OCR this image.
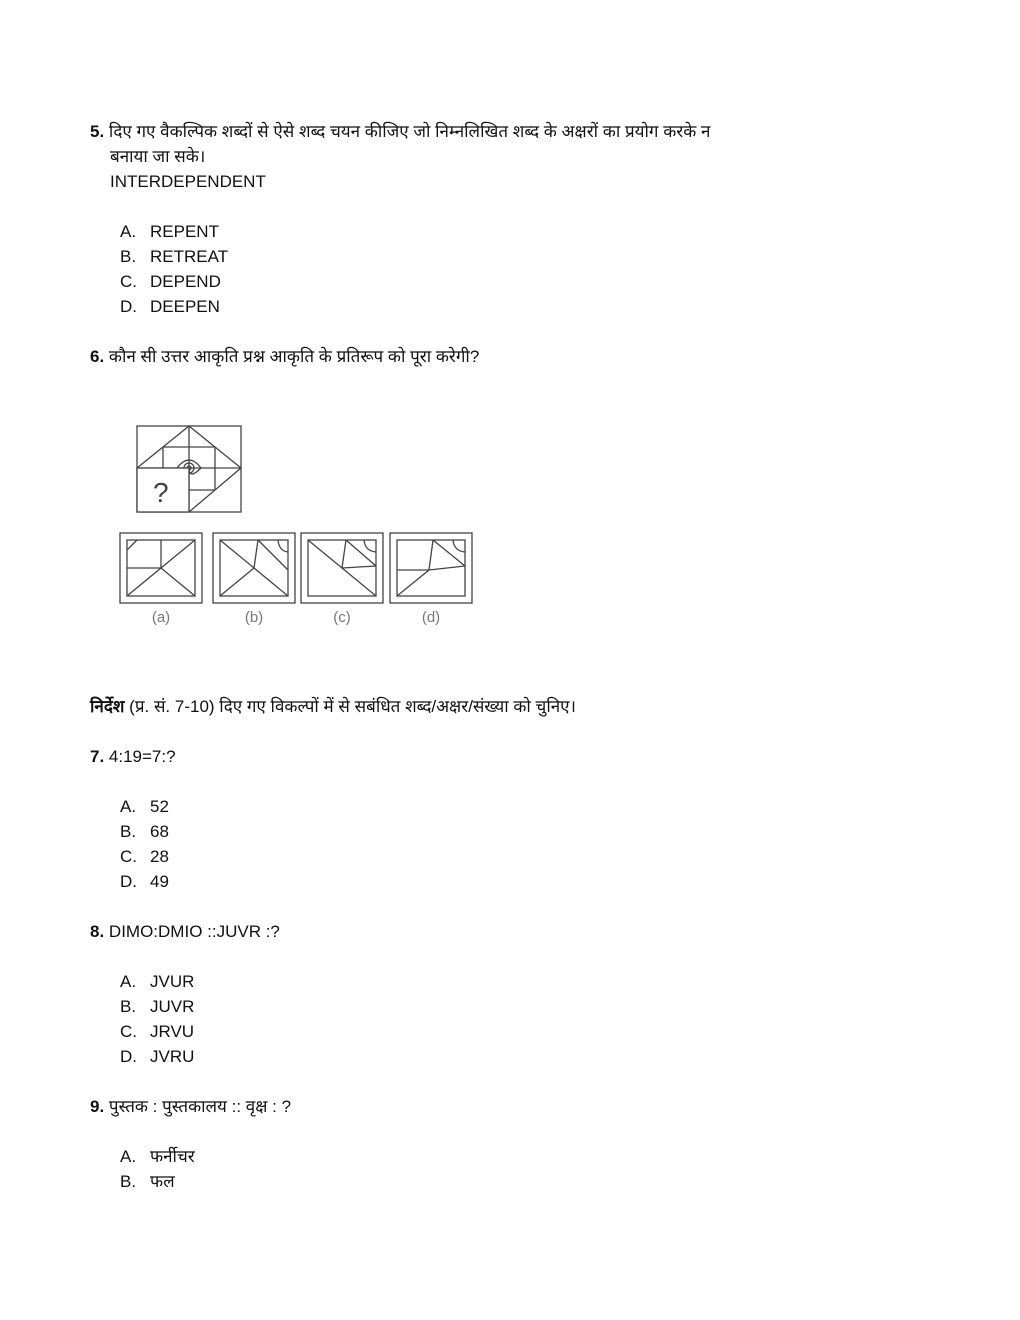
5. दिए गए वैकल्पिक शब्दों से ऐसे शब्द चयन कीजिए जो निम्नलिखित शब्द के अक्षरों का प्रयोग करके न
बनाया जा सके।
INTERDEPENDENT
A. REPENT
B. RETREAT
C. DEPEND
D. DEEPEN
6. कौन सी उत्तर आकृति प्रश्न आकृति के प्रतिरूप को पूरा करेगी?
?
(a)	(b)	(c)	(d)
निर्देश (प्र. सं. 7-10) दिए गए विकल्पों में से सबंधित शब्द/अक्षर/संख्या को चुनिए।
7. 4:19=7:?
A. 52
B. 68
C. 28
D. 49
8. DIMO:DMIO ::JUVR :?
A. JVUR
B. JUVR
C. JRVU
D. JVRU
9. पुस्तक : पुस्तकालय :: वृक्ष : ?
A. फर्नीचर
B. फल
